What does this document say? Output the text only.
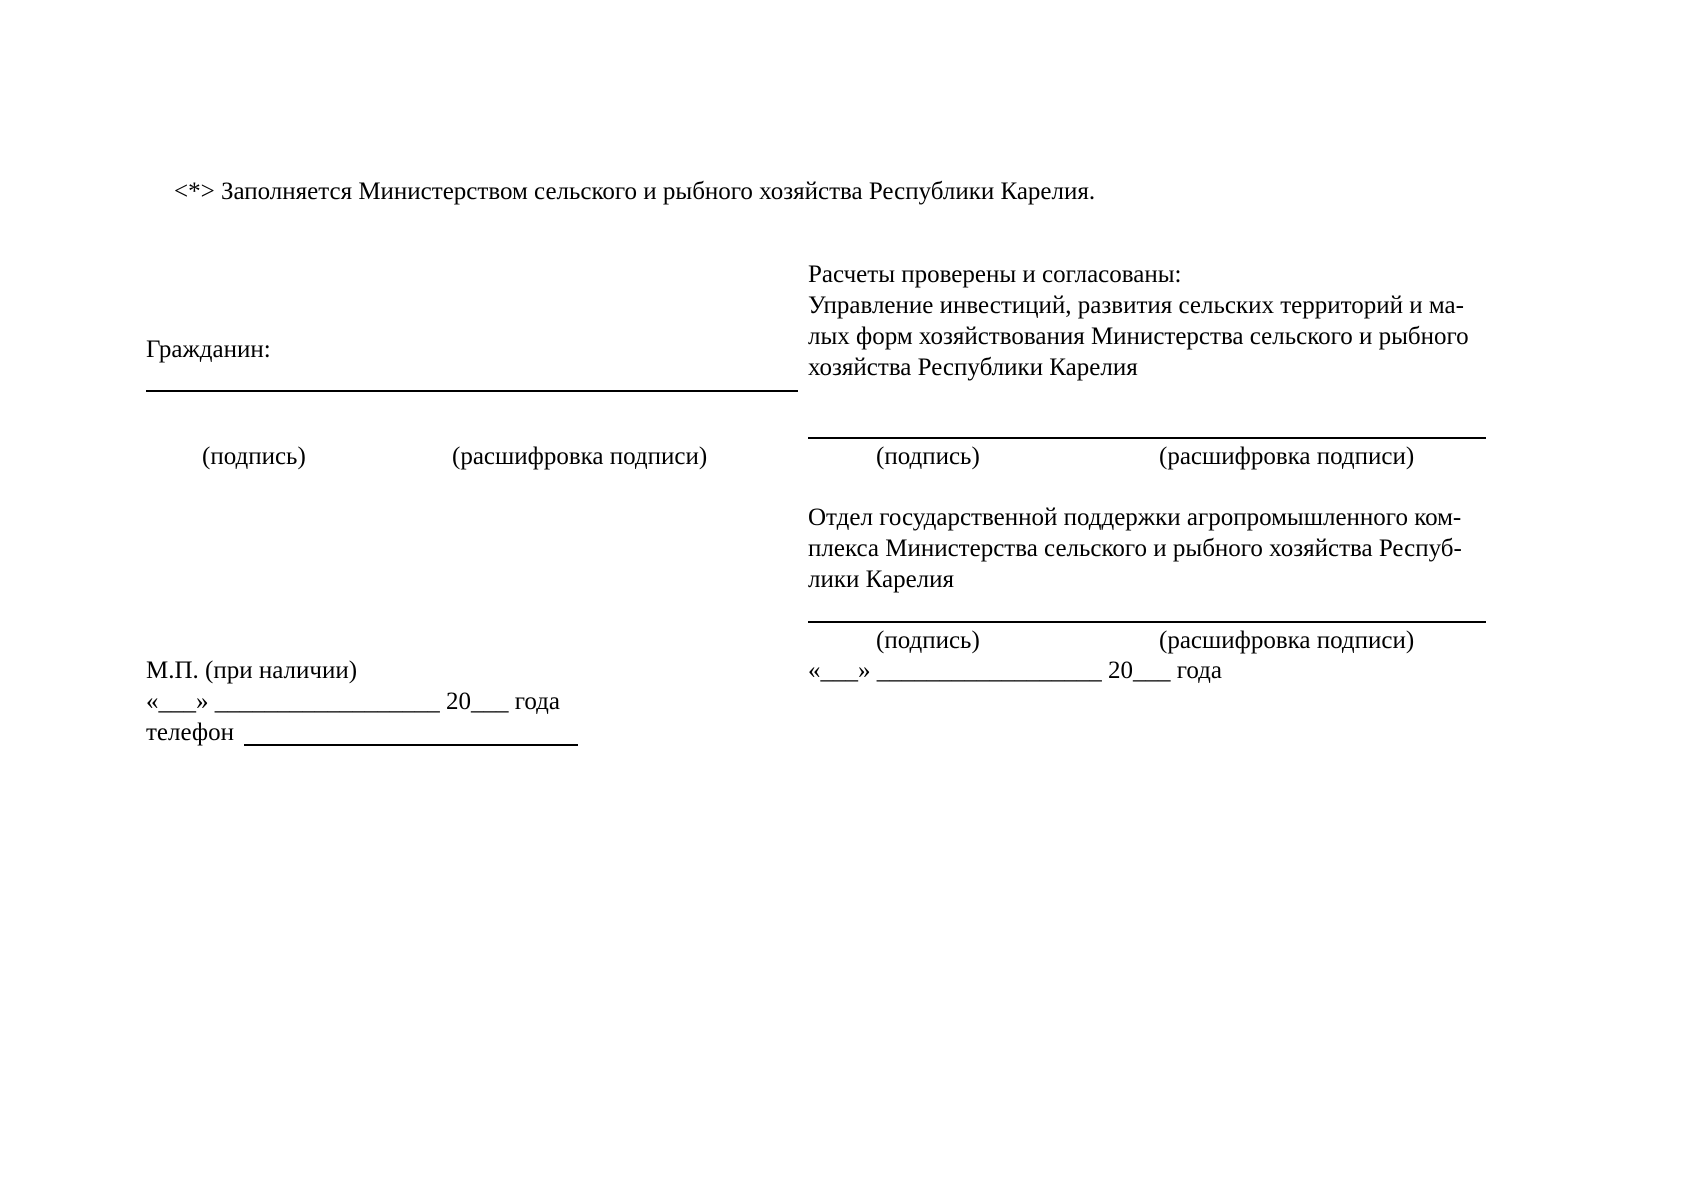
<*> Заполняется Министерством сельского и рыбного хозяйства Республики Карелия.
Гражданин:
(подпись)	(расшифровка подписи)
М.П. (при наличии)
«___» __________________ 20___ года
телефон
Расчеты проверены и согласованы:
Управление инвестиций, развития сельских территорий и ма-
лых форм хозяйствования Министерства сельского и рыбного
хозяйства Республики Карелия
(подпись)	(расшифровка подписи)
Отдел государственной поддержки агропромышленного ком-
плекса Министерства сельского и рыбного хозяйства Респуб-
лики Карелия
(подпись)	(расшифровка подписи)
«___» __________________ 20___ года
